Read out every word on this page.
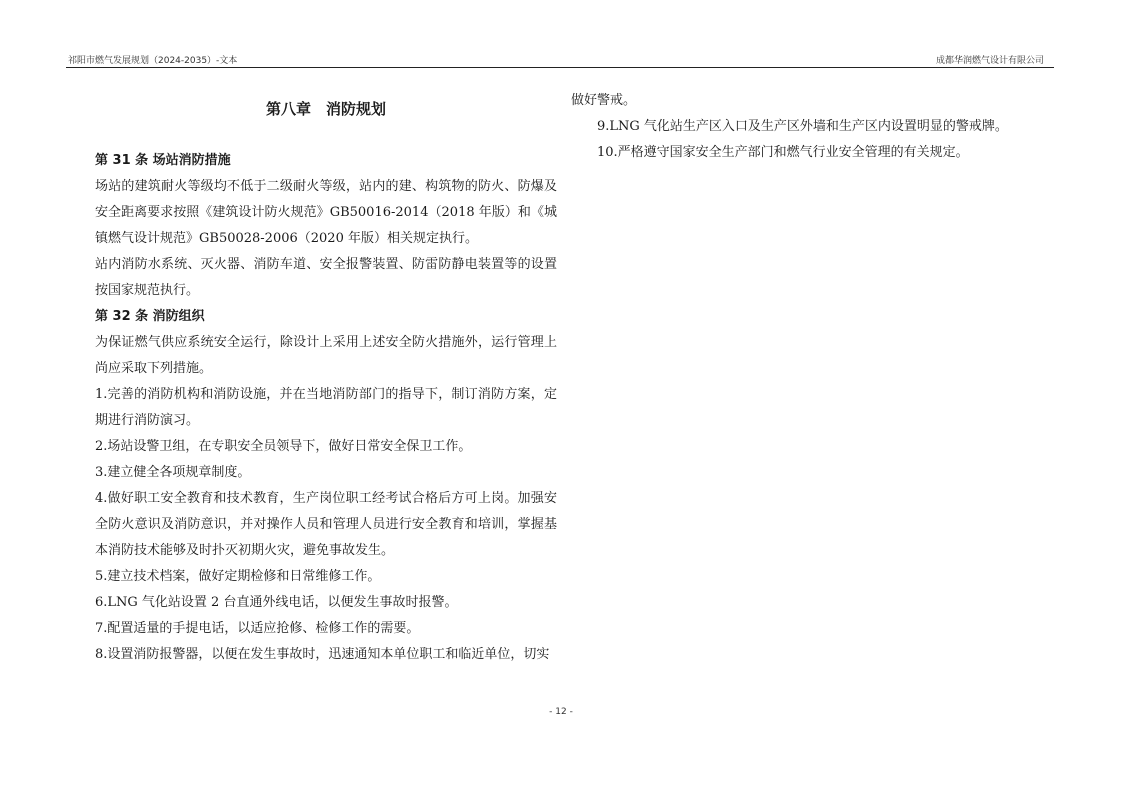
祁阳市燃气发展规划（2024-2035）-文本	成都华润燃气设计有限公司
第八章　消防规划
第 31 条 场站消防措施

场站的建筑耐火等级均不低于二级耐火等级，站内的建、构筑物的防火、防爆及安全距离要求按照《建筑设计防火规范》GB50016-2014（2018 年版）和《城镇燃气设计规范》GB50028-2006（2020 年版）相关规定执行。

站内消防水系统、灭火器、消防车道、安全报警装置、防雷防静电装置等的设置按国家规范执行。

第 32 条 消防组织

为保证燃气供应系统安全运行，除设计上采用上述安全防火措施外，运行管理上尚应采取下列措施。

1.完善的消防机构和消防设施，并在当地消防部门的指导下，制订消防方案，定期进行消防演习。

2.场站设警卫组，在专职安全员领导下，做好日常安全保卫工作。

3.建立健全各项规章制度。

4.做好职工安全教育和技术教育，生产岗位职工经考试合格后方可上岗。加强安全防火意识及消防意识，并对操作人员和管理人员进行安全教育和培训，掌握基本消防技术能够及时扑灭初期火灾，避免事故发生。

5.建立技术档案，做好定期检修和日常维修工作。

6.LNG 气化站设置 2 台直通外线电话，以便发生事故时报警。

7.配置适量的手提电话，以适应抢修、检修工作的需要。

8.设置消防报警器，以便在发生事故时，迅速通知本单位职工和临近单位，切实

做好警戒。

9.LNG 气化站生产区入口及生产区外墙和生产区内设置明显的警戒牌。

10.严格遵守国家安全生产部门和燃气行业安全管理的有关规定。

- 12 -
